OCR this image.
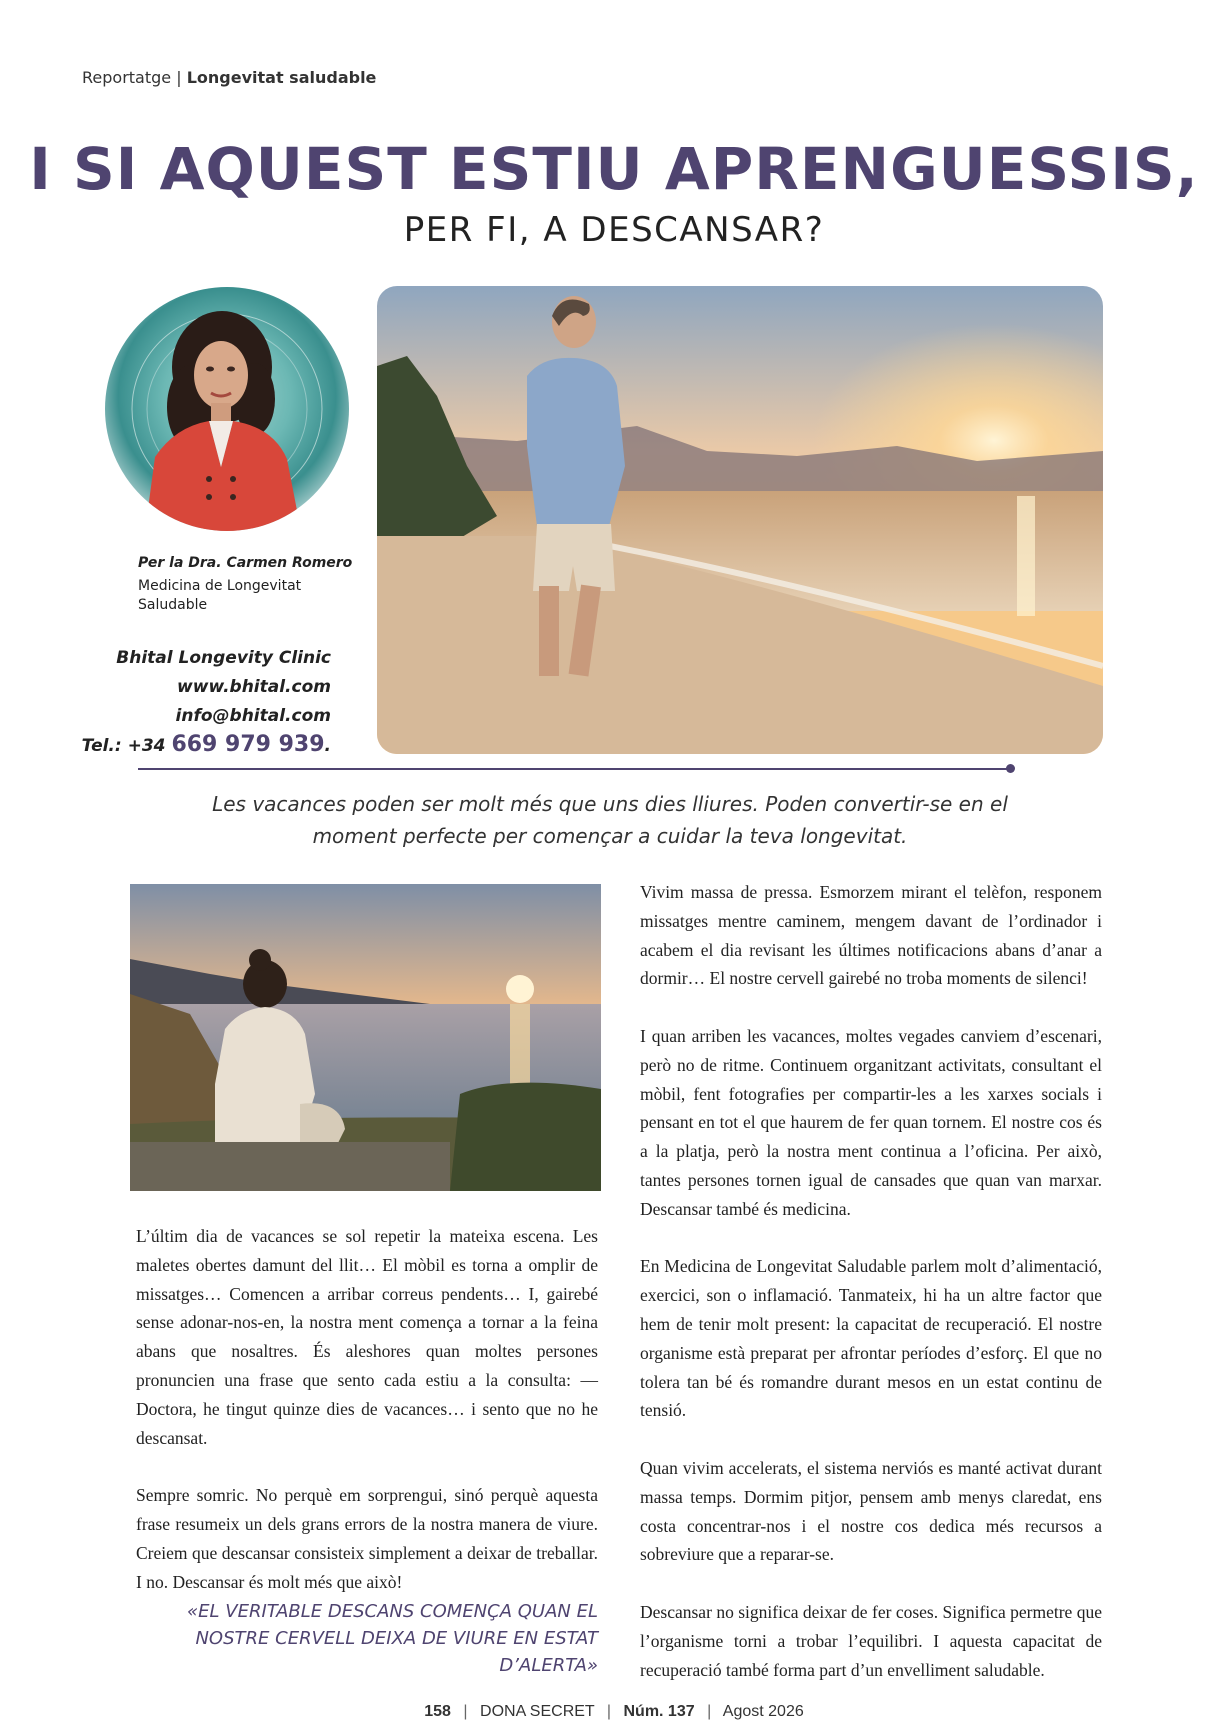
Reportatge | Longevitat saludable
I SI AQUEST ESTIU APRENGUESSIS,
PER FI, A DESCANSAR?
Per la Dra. Carmen Romero
Medicina de Longevitat Saludable
Bhital Longevity Clinic
www.bhital.com
info@bhital.com
Tel.: +34 669 979 939.
Les vacances poden ser molt més que uns dies lliures. Poden convertir-se en el moment perfecte per començar a cuidar la teva longevitat.

L’últim dia de vacances se sol repetir la mateixa escena. Les maletes obertes damunt del llit… El mòbil es torna a omplir de missatges… Comencen a arribar correus pendents… I, gairebé sense adonar-nos-en, la nostra ment comença a tornar a la feina abans que nosaltres. És aleshores quan moltes persones pronuncien una frase que sento cada estiu a la consulta: —Doctora, he tingut quinze dies de vacances… i sento que no he descansat.

Sempre somric. No perquè em sorprengui, sinó perquè aquesta frase resumeix un dels grans errors de la nostra manera de viure. Creiem que descansar consisteix simplement a deixar de treballar. I no. Descansar és molt més que això!

«EL VERITABLE DESCANS COMENÇA QUAN EL NOSTRE CERVELL DEIXA DE VIURE EN ESTAT D’ALERTA»

Vivim massa de pressa. Esmorzem mirant el telèfon, responem missatges mentre caminem, mengem davant de l’ordinador i acabem el dia revisant les últimes notificacions abans d’anar a dormir… El nostre cervell gairebé no troba moments de silenci!

I quan arriben les vacances, moltes vegades canviem d’escenari, però no de ritme. Continuem organitzant activitats, consultant el mòbil, fent fotografies per compartir-les a les xarxes socials i pensant en tot el que haurem de fer quan tornem. El nostre cos és a la platja, però la nostra ment continua a l’oficina. Per això, tantes persones tornen igual de cansades que quan van marxar. Descansar també és medicina.

En Medicina de Longevitat Saludable parlem molt d’alimentació, exercici, son o inflamació. Tanmateix, hi ha un altre factor que hem de tenir molt present: la capacitat de recuperació. El nostre organisme està preparat per afrontar períodes d’esforç. El que no tolera tan bé és romandre durant mesos en un estat continu de tensió.

Quan vivim accelerats, el sistema nerviós es manté activat durant massa temps. Dormim pitjor, pensem amb menys claredat, ens costa concentrar-nos i el nostre cos dedica més recursos a sobreviure que a reparar-se.

Descansar no significa deixar de fer coses. Significa permetre que l’organisme torni a trobar l’equilibri. I aquesta capacitat de recuperació també forma part d’un envelliment saludable.

158 | DONA SECRET | Núm. 137 | Agost 2026
